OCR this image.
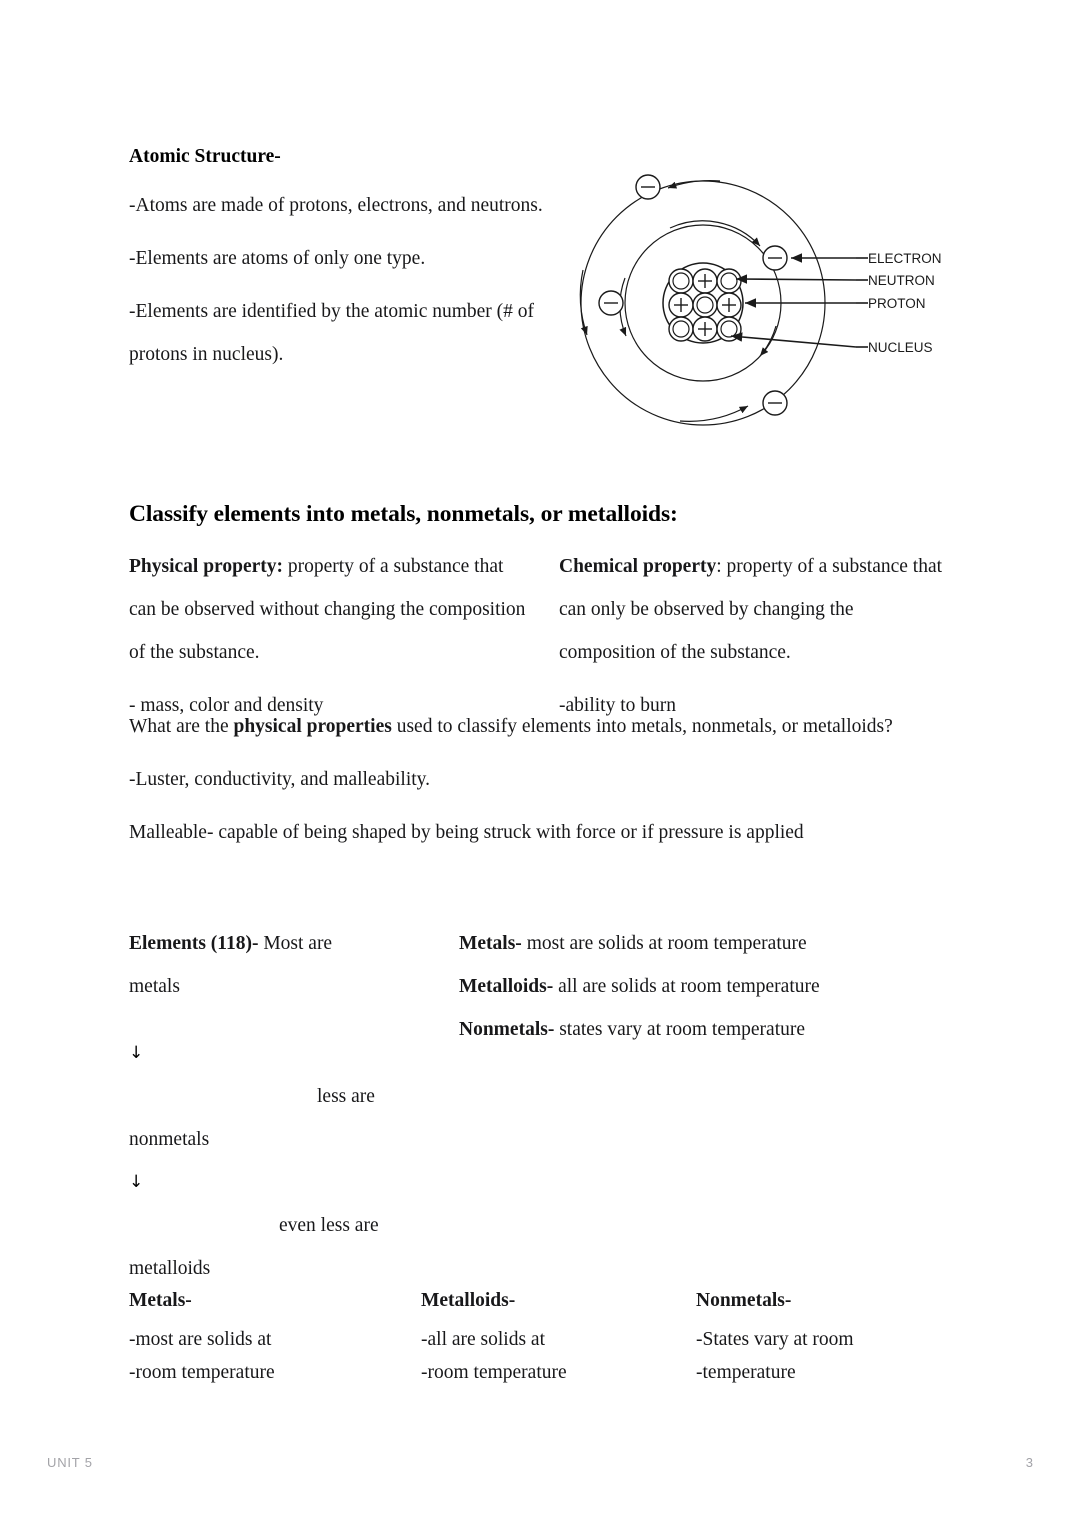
Atomic Structure-

-Atoms are made of protons, electrons, and neutrons.

-Elements are atoms of only one type.

-Elements are identified by the atomic number (# of protons in nucleus).

ELECTRON
NEUTRON
PROTON
NUCLEUS
Classify elements into metals, nonmetals, or metalloids:

Physical property: property of a substance that can be observed without changing the composition of the substance.

- mass, color and density

Chemical property: property of a substance that can only be observed by changing the composition of the substance.

-ability to burn

What are the physical properties used to classify elements into metals, nonmetals, or metalloids?

-Luster, conductivity, and malleability.

Malleable- capable of being shaped by being struck with force or if pressure is applied

Elements (118)- Most are

metals

Metals- most are solids at room temperature

Metalloids- all are solids at room temperature

Nonmetals- states vary at room temperature

↓

less are

nonmetals

↓

even less are

metalloids

Metals-

-most are solids at

-room temperature

Metalloids-

-all are solids at

-room temperature

Nonmetals-

-States vary at room

-temperature

UNIT 5	3
